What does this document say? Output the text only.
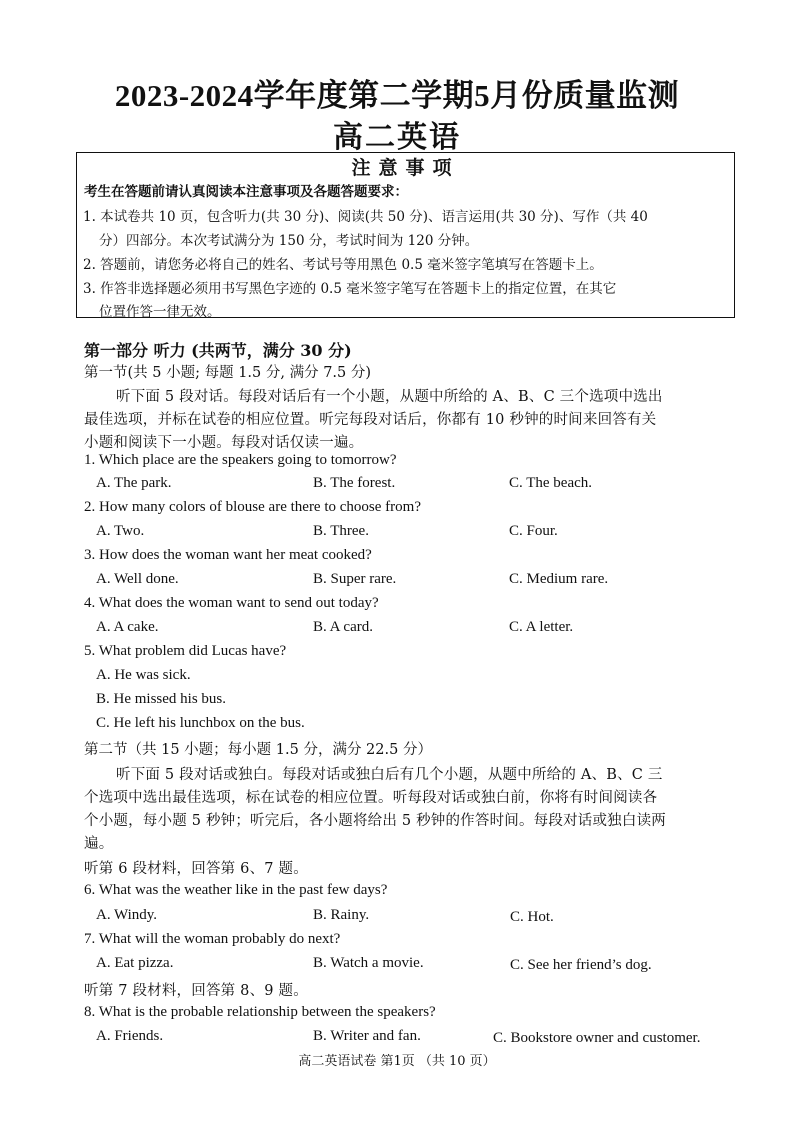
2023-2024学年度第二学期5月份质量监测
高二英语
注意事项
考生在答题前请认真阅读本注意事项及各题答题要求：
1. 本试卷共 10 页，包含听力(共 30 分)、阅读(共 50 分)、语言运用(共 30 分)、写作（共 40
分）四部分。本次考试满分为 150 分，考试时间为 120 分钟。
2. 答题前，请您务必将自己的姓名、考试号等用黑色 0.5 毫米签字笔填写在答题卡上。
3. 作答非选择题必须用书写黑色字迹的 0.5 毫米签字笔写在答题卡上的指定位置，在其它
位置作答一律无效。
第一部分 听力 (共两节，满分 30 分)
第一节(共 5 小题; 每题 1.5 分, 满分 7.5 分)
听下面 5 段对话。每段对话后有一个小题，从题中所给的 A、B、C 三个选项中选出
最佳选项，并标在试卷的相应位置。听完每段对话后，你都有 10 秒钟的时间来回答有关
小题和阅读下一小题。每段对话仅读一遍。
1. Which place are the speakers going to tomorrow?
A. The park.	B. The forest.	C. The beach.
2. How many colors of blouse are there to choose from?
A. Two.	B. Three.	C. Four.
3. How does the woman want her meat cooked?
A. Well done.	B. Super rare.	C. Medium rare.
4. What does the woman want to send out today?
A. A cake.	B. A card.	C. A letter.
5. What problem did Lucas have?
A. He was sick.
B. He missed his bus.
C. He left his lunchbox on the bus.
第二节（共 15 小题；每小题 1.5 分，满分 22.5 分）
听下面 5 段对话或独白。每段对话或独白后有几个小题，从题中所给的 A、B、C 三
个选项中选出最佳选项，标在试卷的相应位置。听每段对话或独白前，你将有时间阅读各
个小题，每小题 5 秒钟；听完后，各小题将给出 5 秒钟的作答时间。每段对话或独白读两
遍。
听第 6 段材料，回答第 6、7 题。
6. What was the weather like in the past few days?
A. Windy.	B. Rainy.	C. Hot.
7. What will the woman probably do next?
A. Eat pizza.	B. Watch a movie.	C. See her friend’s dog.
听第 7 段材料，回答第 8、9 题。
8. What is the probable relationship between the speakers?
A. Friends.	B. Writer and fan.	C. Bookstore owner and customer.
高二英语试卷 第1页 （共 10 页）
